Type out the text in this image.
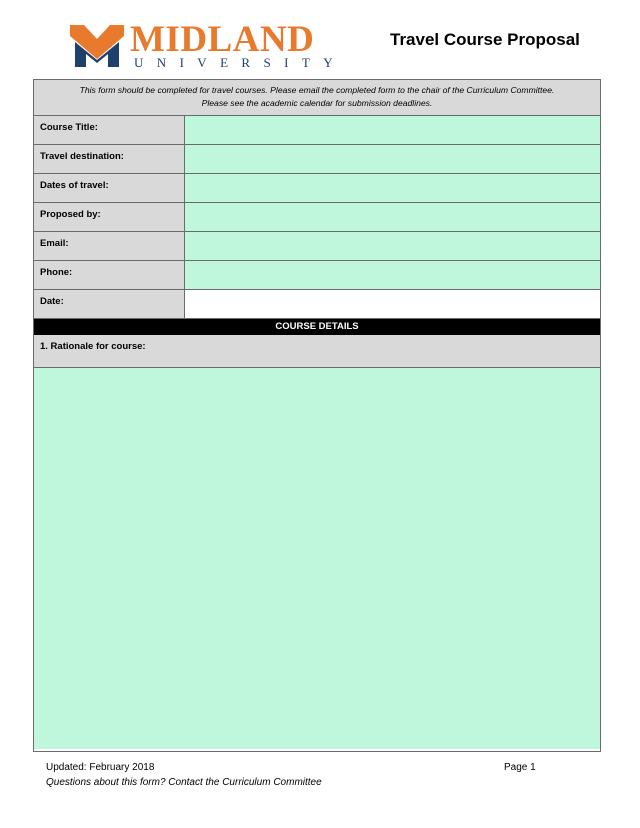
MIDLAND
UNIVERSITY
Travel Course Proposal
This form should be completed for travel courses. Please email the completed form to the chair of the Curriculum Committee.
Please see the academic calendar for submission deadlines.
Course Title:
Travel destination:
Dates of travel:
Proposed by:
Email:
Phone:
Date:
COURSE DETAILS
1. Rationale for course:
Updated: February 2018	Page 1
Questions about this form? Contact the Curriculum Committee
